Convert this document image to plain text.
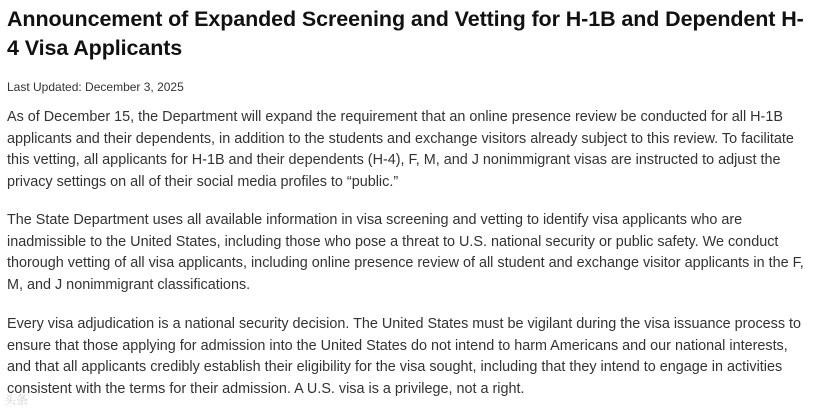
Announcement of Expanded Screening and Vetting for H-1B and Dependent H-4 Visa Applicants
Last Updated: December 3, 2025

As of December 15, the Department will expand the requirement that an online presence review be conducted for all H-1B applicants and their dependents, in addition to the students and exchange visitors already subject to this review. To facilitate this vetting, all applicants for H-1B and their dependents (H-4), F, M, and J nonimmigrant visas are instructed to adjust the privacy settings on all of their social media profiles to “public.”

The State Department uses all available information in visa screening and vetting to identify visa applicants who are inadmissible to the United States, including those who pose a threat to U.S. national security or public safety. We conduct thorough vetting of all visa applicants, including online presence review of all student and exchange visitor applicants in the F, M, and J nonimmigrant classifications.

Every visa adjudication is a national security decision. The United States must be vigilant during the visa issuance process to ensure that those applying for admission into the United States do not intend to harm Americans and our national interests, and that all applicants credibly establish their eligibility for the visa sought, including that they intend to engage in activities consistent with the terms for their admission. A U.S. visa is a privilege, not a right.

头条
